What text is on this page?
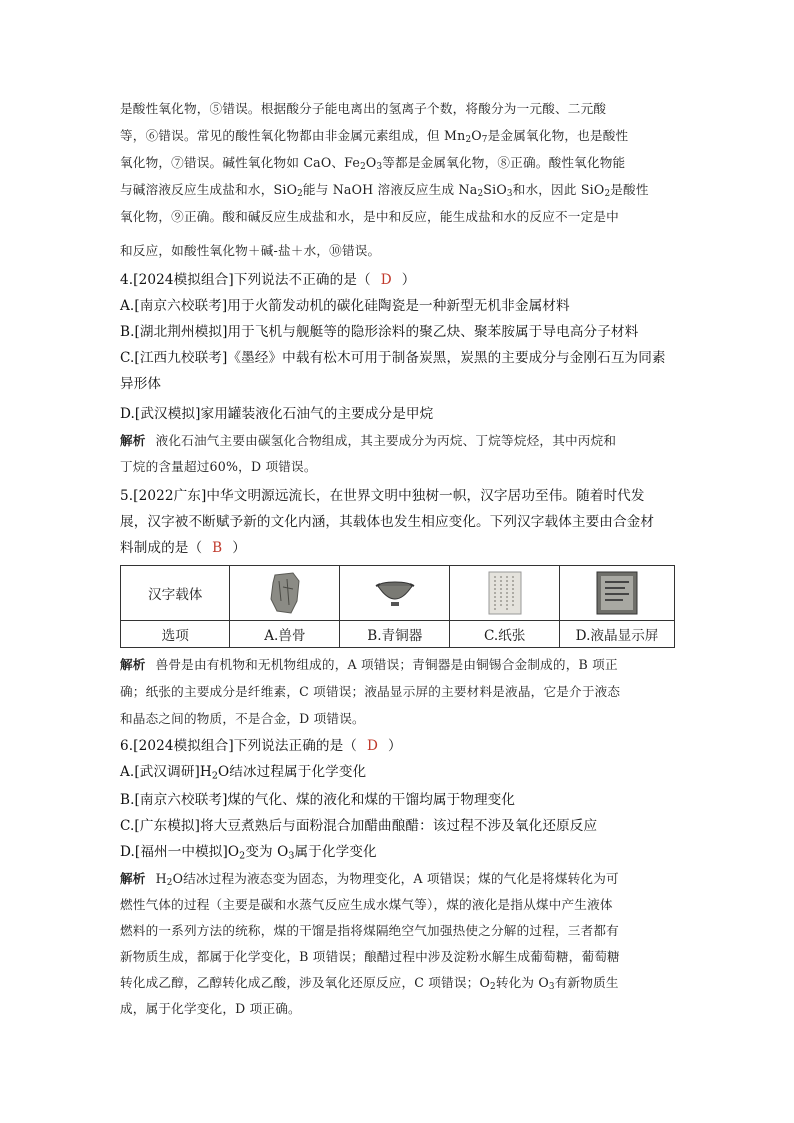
是酸性氧化物，⑤错误。根据酸分子能电离出的氢离子个数，将酸分为一元酸、二元酸
等，⑥错误。常见的酸性氧化物都由非金属元素组成，但 $Mn_2O_7$是金属氧化物，也是酸性
氧化物，⑦错误。碱性氧化物如 CaO、$Fe_2O_3$等都是金属氧化物，⑧正确。酸性氧化物能
与碱溶液反应生成盐和水，SiO$_2$能与 NaOH 溶液反应生成 $Na_2SiO_3$和水，因此 SiO$_2$是酸性
氧化物，⑨正确。酸和碱反应生成盐和水，是中和反应，能生成盐和水的反应不一定是中
和反应，如酸性氧化物＋碱-盐＋水，⑩错误。
4.[2024模拟组合]下列说法不正确的是（ D ）
A.[南京六校联考]用于火箭发动机的碳化硅陶瓷是一种新型无机非金属材料
B.[湖北荆州模拟]用于飞机与舰艇等的隐形涂料的聚乙炔、聚苯胺属于导电高分子材料
C.[江西九校联考]《墨经》中载有松木可用于制备炭黑，炭黑的主要成分与金刚石互为同素
异形体
D.[武汉模拟]家用罐装液化石油气的主要成分是甲烷
解析 液化石油气主要由碳氢化合物组成，其主要成分为丙烷、丁烷等烷烃，其中丙烷和
丁烷的含量超过60%，D 项错误。
5.[2022广东]中华文明源远流长，在世界文明中独树一帜，汉字居功至伟。随着时代发
展，汉字被不断赋予新的文化内涵，其载体也发生相应变化。下列汉字载体主要由合金材
料制成的是（ B ）
汉字载体				
选项	A.兽骨	B.青铜器	C.纸张	D.液晶显示屏
解析 兽骨是由有机物和无机物组成的，A 项错误；青铜器是由铜锡合金制成的，B 项正
确；纸张的主要成分是纤维素，C 项错误；液晶显示屏的主要材料是液晶，它是介于液态
和晶态之间的物质，不是合金，D 项错误。
6.[2024模拟组合]下列说法正确的是（ D ）
A.[武汉调研]$H_2O$结冰过程属于化学变化
B.[南京六校联考]煤的气化、煤的液化和煤的干馏均属于物理变化
C.[广东模拟]将大豆煮熟后与面粉混合加醋曲酿醋：该过程不涉及氧化还原反应
D.[福州一中模拟]$O_2$变为 $O_3$属于化学变化
解析 $H_2O$结冰过程为液态变为固态，为物理变化，A 项错误；煤的气化是将煤转化为可
燃性气体的过程（主要是碳和水蒸气反应生成水煤气等），煤的液化是指从煤中产生液体
燃料的一系列方法的统称，煤的干馏是指将煤隔绝空气加强热使之分解的过程，三者都有
新物质生成，都属于化学变化，B 项错误；酿醋过程中涉及淀粉水解生成葡萄糖，葡萄糖
转化成乙醇，乙醇转化成乙酸，涉及氧化还原反应，C 项错误；$O_2$转化为 $O_3$有新物质生
成，属于化学变化，D 项正确。
